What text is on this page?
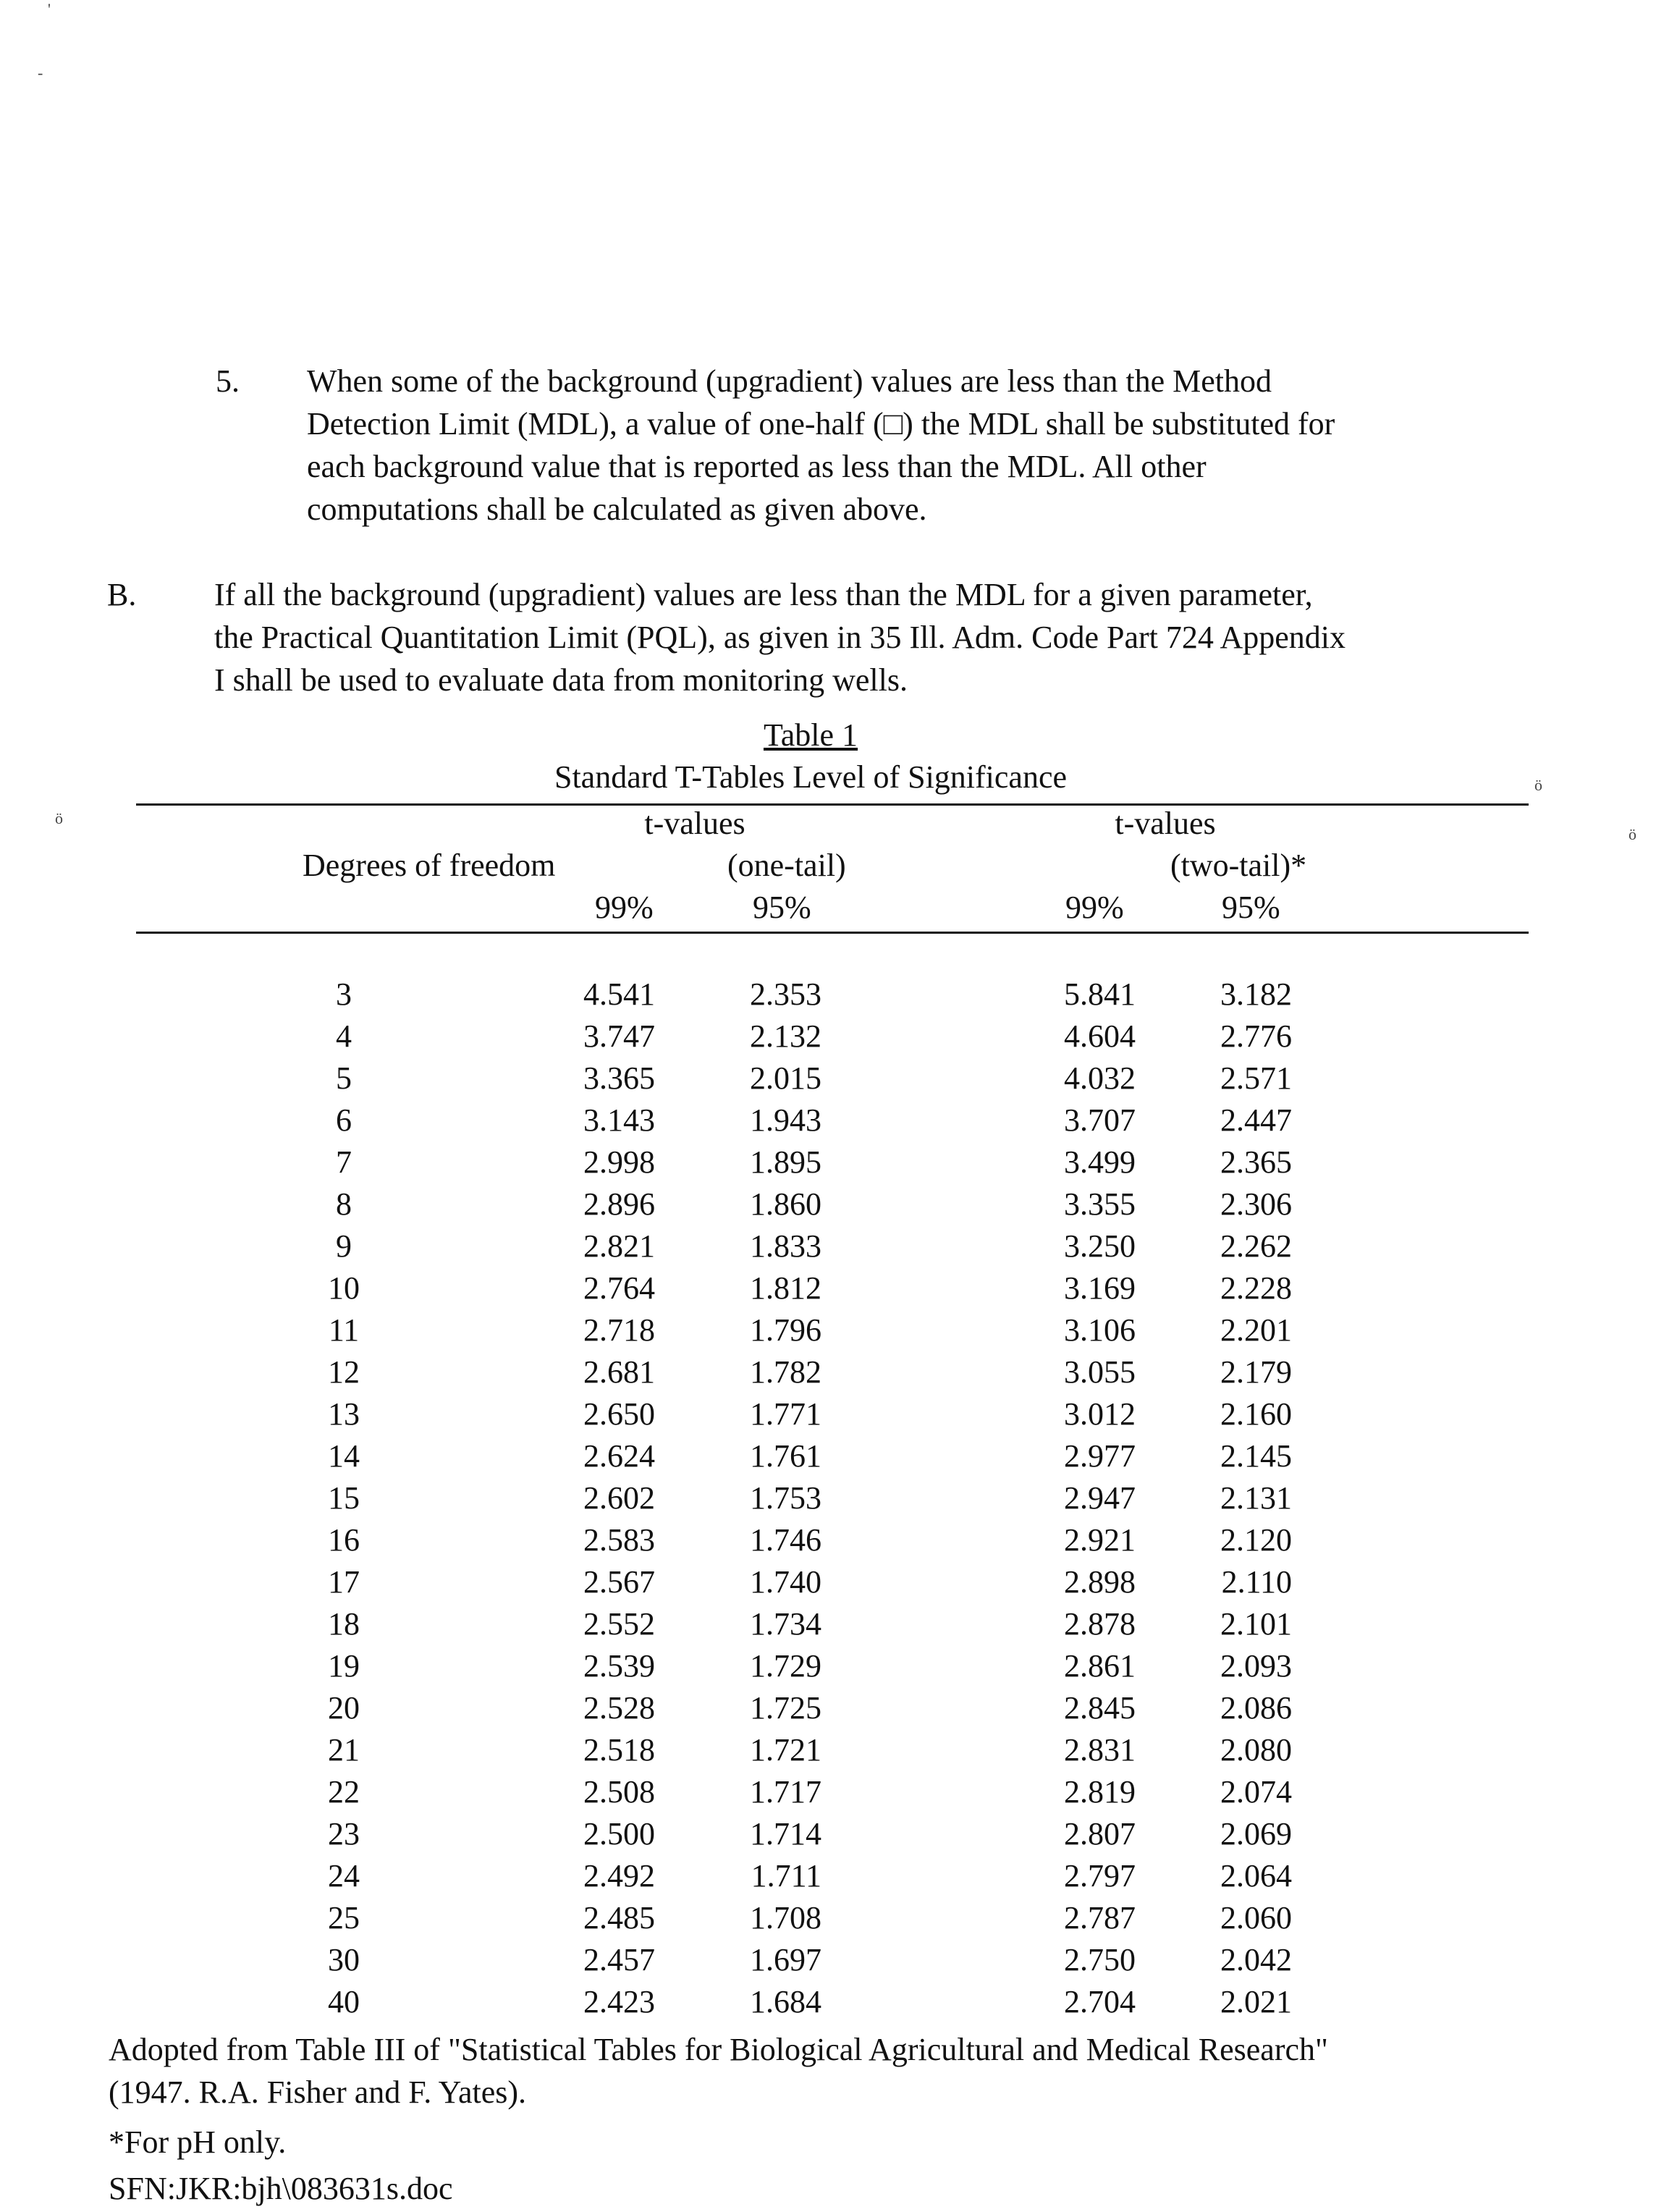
5. When some of the background (upgradient) values are less than the Method
Detection Limit (MDL), a value of one-half (□) the MDL shall be substituted for
each background value that is reported as less than the MDL. All other
computations shall be calculated as given above.
B. If all the background (upgradient) values are less than the MDL for a given parameter,
the Practical Quantitation Limit (PQL), as given in 35 Ill. Adm. Code Part 724 Appendix
I shall be used to evaluate data from monitoring wells.
Table 1
Standard T-Tables Level of Significance
t-values	t-values
Degrees of freedom	(one-tail)	(two-tail)*
99%	95%	99%	95%
3	4.541	2.353	5.841	3.182
4	3.747	2.132	4.604	2.776
5	3.365	2.015	4.032	2.571
6	3.143	1.943	3.707	2.447
7	2.998	1.895	3.499	2.365
8	2.896	1.860	3.355	2.306
9	2.821	1.833	3.250	2.262
10	2.764	1.812	3.169	2.228
11	2.718	1.796	3.106	2.201
12	2.681	1.782	3.055	2.179
13	2.650	1.771	3.012	2.160
14	2.624	1.761	2.977	2.145
15	2.602	1.753	2.947	2.131
16	2.583	1.746	2.921	2.120
17	2.567	1.740	2.898	2.110
18	2.552	1.734	2.878	2.101
19	2.539	1.729	2.861	2.093
20	2.528	1.725	2.845	2.086
21	2.518	1.721	2.831	2.080
22	2.508	1.717	2.819	2.074
23	2.500	1.714	2.807	2.069
24	2.492	1.711	2.797	2.064
25	2.485	1.708	2.787	2.060
30	2.457	1.697	2.750	2.042
40	2.423	1.684	2.704	2.021
Adopted from Table III of "Statistical Tables for Biological Agricultural and Medical Research"
(1947. R.A. Fisher and F. Yates).
*For pH only.
SFN:JKR:bjh\083631s.doc
'
-
ö
ö
ö
